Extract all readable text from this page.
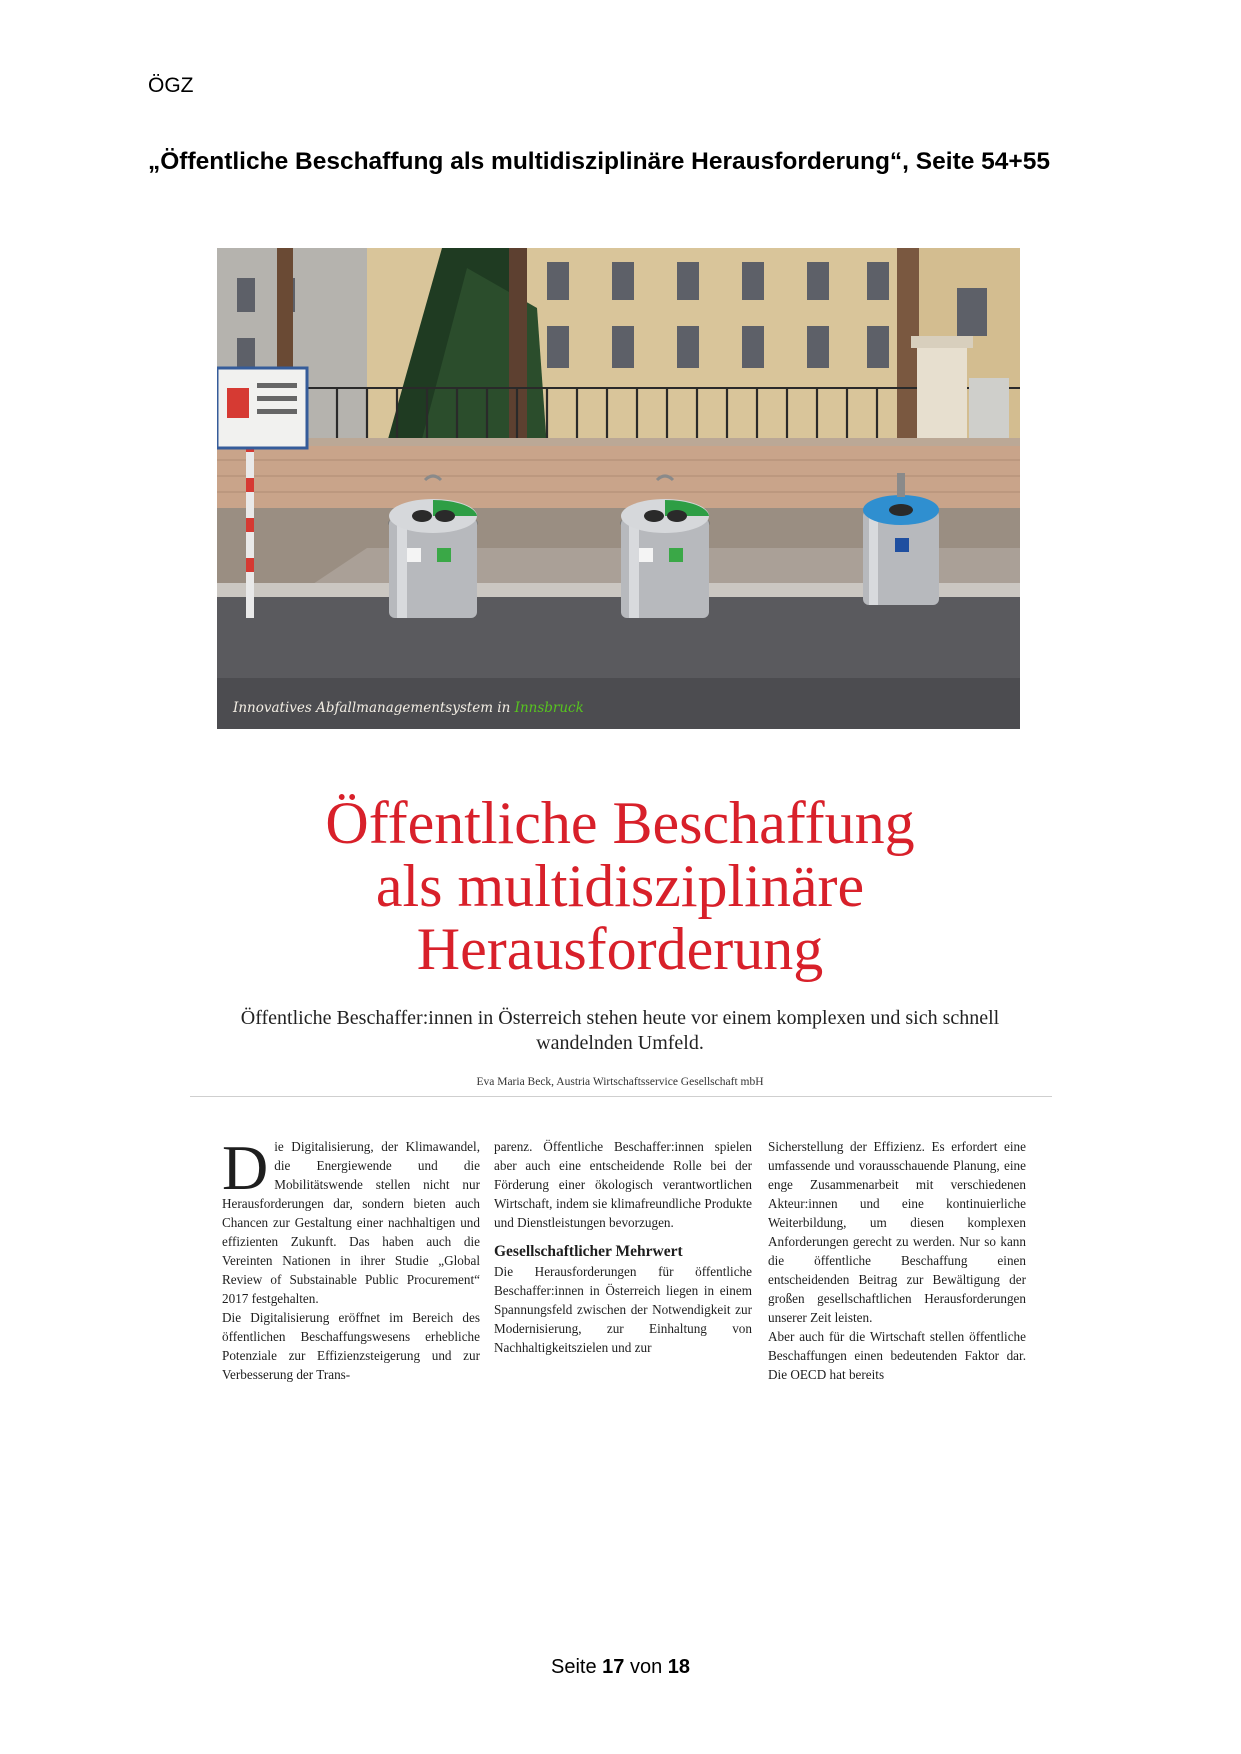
ÖGZ
„Öffentliche Beschaffung als multidisziplinäre Herausforderung“, Seite 54+55

Innovatives Abfallmanagementsystem in Innsbruck

Öffentliche Beschaffung
als multidisziplinäre
Herausforderung

Öffentliche Beschaffer:innen in Österreich stehen heute vor einem komplexen und sich schnell wandelnden Umfeld.

Eva Maria Beck, Austria Wirtschaftsservice Gesellschaft mbH

Die Digitalisierung, der Klimawandel, die Energiewende und die Mobilitätswende stellen nicht nur Herausforderungen dar, sondern bieten auch Chancen zur Gestaltung einer nachhaltigen und effizienten Zukunft. Das haben auch die Vereinten Nationen in ihrer Studie „Global Review of Substainable Public Procurement“ 2017 festgehalten.

Die Digitalisierung eröffnet im Bereich des öffentlichen Beschaffungswesens erhebliche Potenziale zur Effizienzsteigerung und zur Verbesserung der Trans-

parenz. Öffentliche Beschaffer:innen spielen aber auch eine entscheidende Rolle bei der Förderung einer ökologisch verantwortlichen Wirtschaft, indem sie klimafreundliche Produkte und Dienstleistungen bevorzugen.

Gesellschaftlicher Mehrwert

Die Herausforderungen für öffentliche Beschaffer:innen in Österreich liegen in einem Spannungsfeld zwischen der Notwendigkeit zur Modernisierung, zur Einhaltung von Nachhaltigkeitszielen und zur

Sicherstellung der Effizienz. Es erfordert eine umfassende und vorausschauende Planung, eine enge Zusammenarbeit mit verschiedenen Akteur:innen und eine kontinuierliche Weiterbildung, um diesen komplexen Anforderungen gerecht zu werden. Nur so kann die öffentliche Beschaffung einen entscheidenden Beitrag zur Bewältigung der großen gesellschaftlichen Herausforderungen unserer Zeit leisten.

Aber auch für die Wirtschaft stellen öffentliche Beschaffungen einen bedeutenden Faktor dar. Die OECD hat bereits

Seite 17 von 18
